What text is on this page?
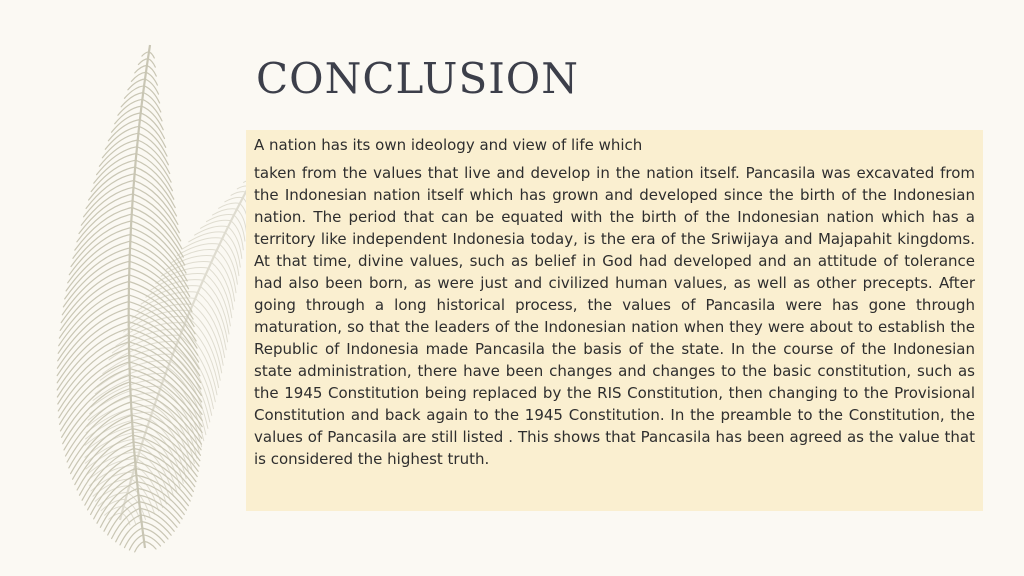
CONCLUSION

A nation has its own ideology and view of life which

taken from the values that live and develop in the nation itself. Pancasila was excavated from the Indonesian nation itself which has grown and developed since the birth of the Indonesian nation. The period that can be equated with the birth of the Indonesian nation which has a territory like independent Indonesia today, is the era of the Sriwijaya and Majapahit kingdoms. At that time, divine values, such as belief in God had developed and an attitude of tolerance had also been born, as were just and civilized human values, as well as other precepts. After going through a long historical process, the values of Pancasila were has gone through maturation, so that the leaders of the Indonesian nation when they were about to establish the Republic of Indonesia made Pancasila the basis of the state. In the course of the Indonesian state administration, there have been changes and changes to the basic constitution, such as the 1945 Constitution being replaced by the RIS Constitution, then changing to the Provisional Constitution and back again to the 1945 Constitution. In the preamble to the Constitution, the values of Pancasila are still listed . This shows that Pancasila has been agreed as the value that is considered the highest truth.
